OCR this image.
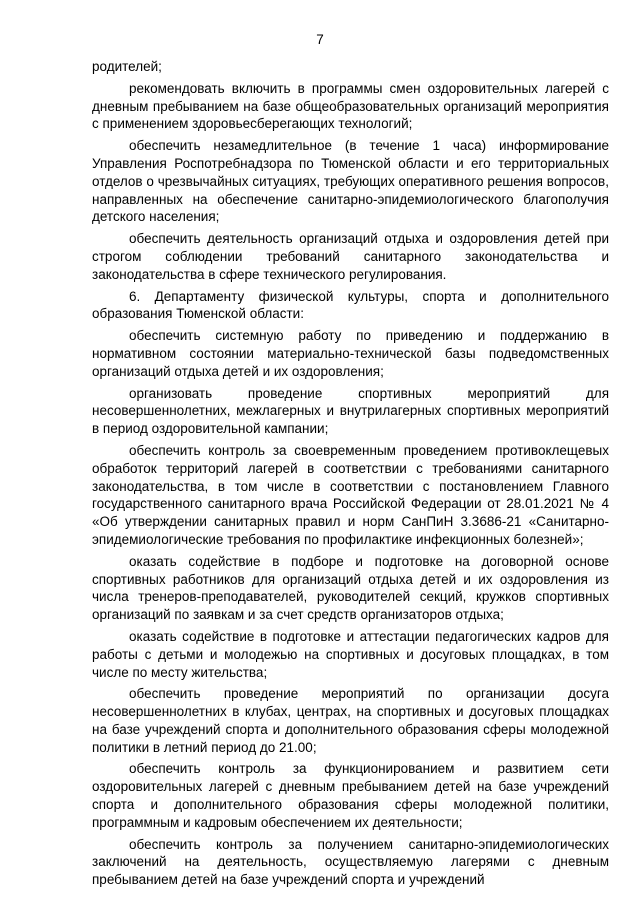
7

родителей;

рекомендовать включить в программы смен оздоровительных лагерей с дневным пребыванием на базе общеобразовательных организаций мероприятия с применением здоровьесберегающих технологий;

обеспечить незамедлительное (в течение 1 часа) информирование Управления Роспотребнадзора по Тюменской области и его территориальных отделов о чрезвычайных ситуациях, требующих оперативного решения вопросов, направленных на обеспечение санитарно-эпидемиологического благополучия детского населения;

обеспечить деятельность организаций отдыха и оздоровления детей при строгом соблюдении требований санитарного законодательства и законодательства в сфере технического регулирования.

6. Департаменту физической культуры, спорта и дополнительного образования Тюменской области:

обеспечить системную работу по приведению и поддержанию в нормативном состоянии материально-технической базы подведомственных организаций отдыха детей и их оздоровления;

организовать проведение спортивных мероприятий для несовершеннолетних, межлагерных и внутрилагерных спортивных мероприятий в период оздоровительной кампании;

обеспечить контроль за своевременным проведением противоклещевых обработок территорий лагерей в соответствии с требованиями санитарного законодательства, в том числе в соответствии с постановлением Главного государственного санитарного врача Российской Федерации от 28.01.2021 № 4 «Об утверждении санитарных правил и норм СанПиН 3.3686-21 «Санитарно-эпидемиологические требования по профилактике инфекционных болезней»;

оказать содействие в подборе и подготовке на договорной основе спортивных работников для организаций отдыха детей и их оздоровления из числа тренеров-преподавателей, руководителей секций, кружков спортивных организаций по заявкам и за счет средств организаторов отдыха;

оказать содействие в подготовке и аттестации педагогических кадров для работы с детьми и молодежью на спортивных и досуговых площадках, в том числе по месту жительства;

обеспечить проведение мероприятий по организации досуга несовершеннолетних в клубах, центрах, на спортивных и досуговых площадках на базе учреждений спорта и дополнительного образования сферы молодежной политики в летний период до 21.00;

обеспечить контроль за функционированием и развитием сети оздоровительных лагерей с дневным пребыванием детей на базе учреждений спорта и дополнительного образования сферы молодежной политики, программным и кадровым обеспечением их деятельности;

обеспечить контроль за получением санитарно-эпидемиологических заключений на деятельность, осуществляемую лагерями с дневным пребыванием детей на базе учреждений спорта и учреждений
